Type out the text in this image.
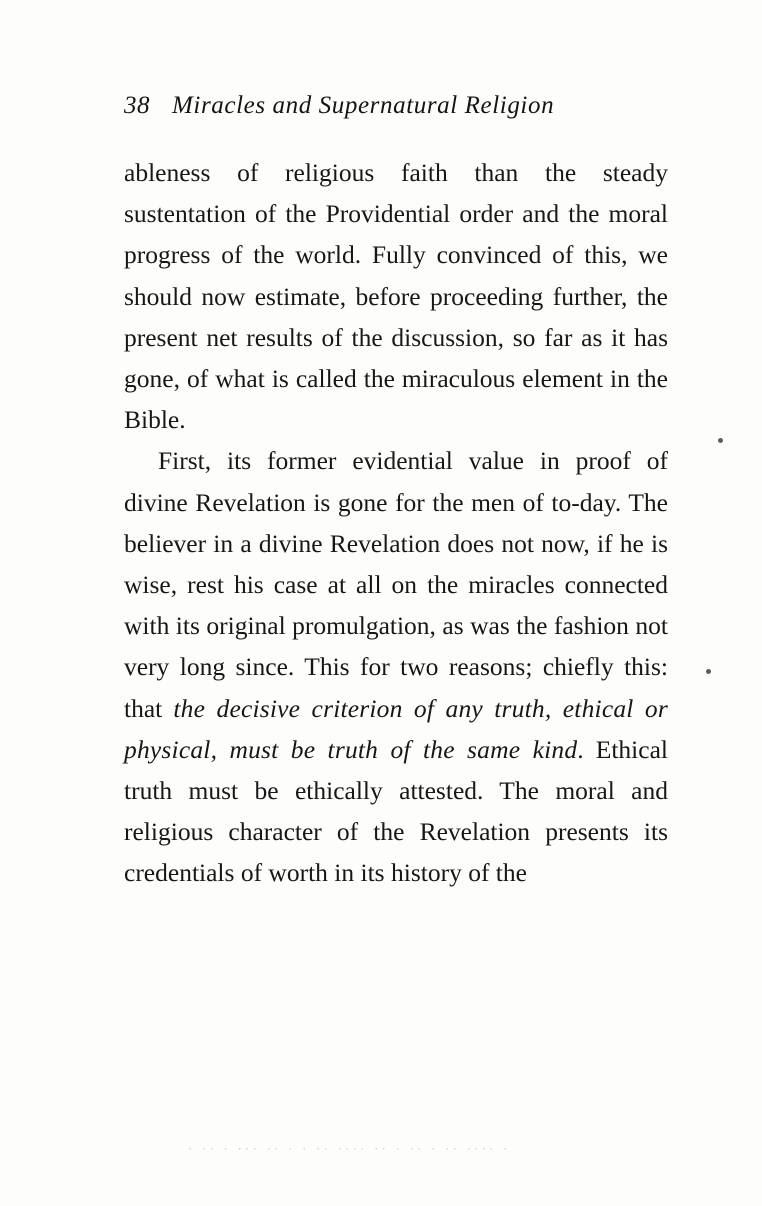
38 Miracles and Supernatural Religion

ableness of religious faith than the steady sustentation of the Providential order and the moral progress of the world. Fully convinced of this, we should now estimate, before proceeding further, the present net results of the discussion, so far as it has gone, of what is called the miraculous element in the Bible.

First, its former evidential value in proof of divine Revelation is gone for the men of to-day. The believer in a divine Revelation does not now, if he is wise, rest his case at all on the miracles connected with its original promulgation, as was the fashion not very long since. This for two reasons; chiefly this: that the decisive criterion of any truth, ethical or physical, must be truth of the same kind. Ethical truth must be ethically attested. The moral and religious character of the Revelation presents its credentials of worth in its history of the

· ·· · ··· ·· · · ·· ···· ·· · ·· · ·· ···· ·
